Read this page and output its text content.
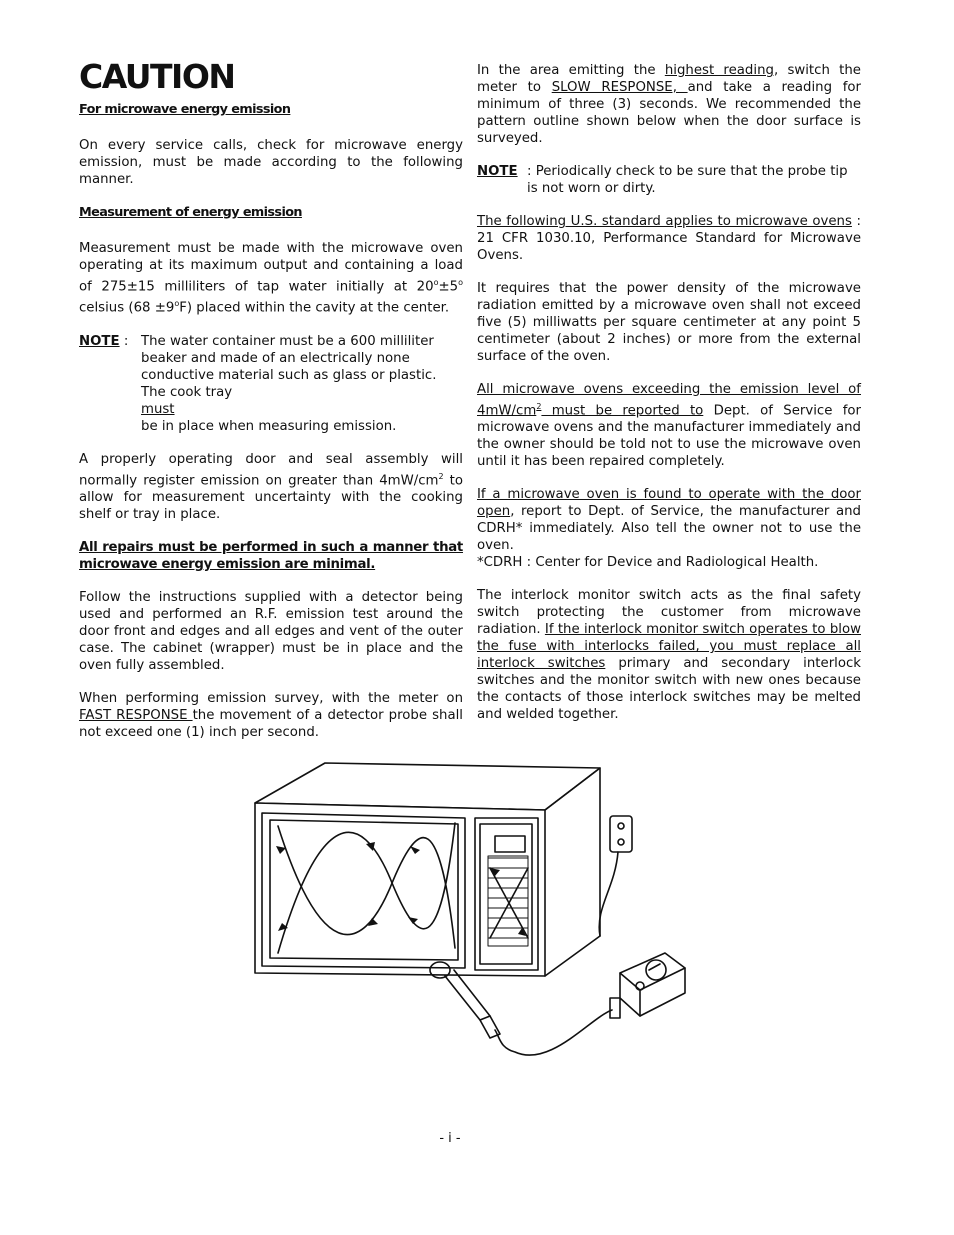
CAUTION
For microwave energy emission

On every service calls, check for microwave energy emission, must be made according to the following manner.

Measurement of energy emission

Measurement must be made with the microwave oven operating at its maximum output and containing a load of 275±15 milliliters of tap water initially at $20^o\pm 5^o$ celsius $(68 \pm 9^oF)$ placed within the cavity at the center.

NOTE : The water container must be a 600 milliliter beaker and made of an electrically none conductive material such as glass or plastic.
The cook tray
must
be in place when measuring emission.

A properly operating door and seal assembly will normally register emission on greater than $4mW/cm^2$ to allow for measurement uncertainty with the cooking shelf or tray in place.

All repairs must be performed in such a manner that microwave energy emission are minimal.

Follow the instructions supplied with a detector being used and performed an R.F. emission test around the door front and edges and all edges and vent of the outer case. The cabinet (wrapper) must be in place and the oven fully assembled.

When performing emission survey, with the meter on FAST RESPONSE the movement of a detector probe shall not exceed one (1) inch per second.

In the area emitting the highest reading, switch the meter to SLOW RESPONSE, and take a reading for minimum of three (3) seconds. We recommended the pattern outline shown below when the door surface is surveyed.

NOTE : Periodically check to be sure that the probe tip is not worn or dirty.

The following U.S. standard applies to microwave ovens : 21 CFR 1030.10, Performance Standard for Microwave Ovens.

It requires that the power density of the microwave radiation emitted by a microwave oven shall not exceed five (5) milliwatts per square centimeter at any point 5 centimeter (about 2 inches) or more from the external surface of the oven.

All microwave ovens exceeding the emission level of $4mW/cm^2$ must be reported to Dept. of Service for microwave ovens and the manufacturer immediately and the owner should be told not to use the microwave oven until it has been repaired completely.

If a microwave oven is found to operate with the door open, report to Dept. of Service, the manufacturer and CDRH* immediately. Also tell the owner not to use the oven.
*CDRH : Center for Device and Radiological Health.

The interlock monitor switch acts as the final safety switch protecting the customer from microwave radiation. If the interlock monitor switch operates to blow the fuse with interlocks failed, you must replace all interlock switches primary and secondary interlock switches and the monitor switch with new ones because the contacts of those interlock switches may be melted and welded together.

- i -
